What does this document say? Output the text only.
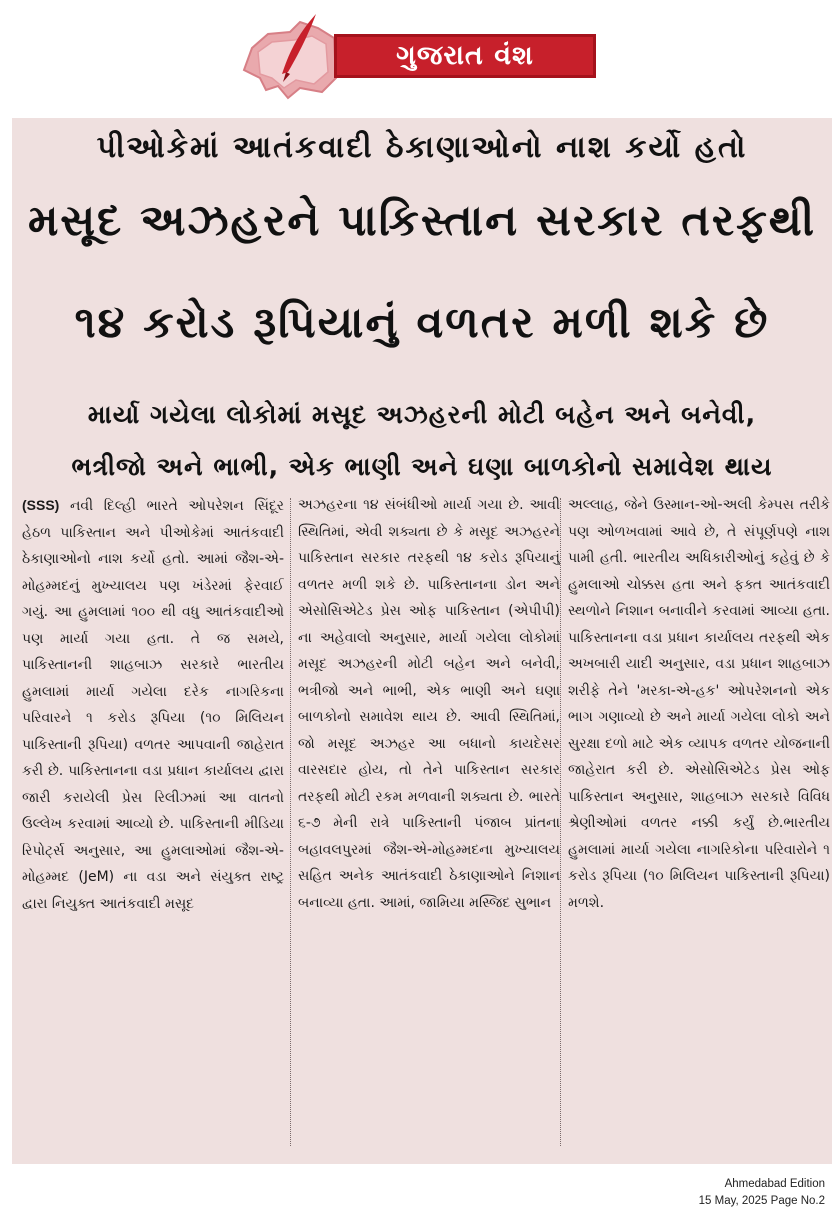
ગુજરાત વંશ
પીઓકેમાં આતંકવાદી ઠેકાણાઓનો નાશ કર્યો હતો
મસૂદ અઝહરને પાકિસ્તાન સરકાર તરફથી
૧૪ કરોડ રૂપિયાનું વળતર મળી શકે છે
માર્યા ગયેલા લોકોમાં મસૂદ અઝહરની મોટી બહેન અને બનેવી,
ભત્રીજો અને ભાભી, એક ભાણી અને ઘણા બાળકોનો સમાવેશ થાય

(SSS) નવી દિલ્હી ભારતે ઓપરેશન સિંદૂર હેઠળ પાકિસ્તાન અને પીઓકેમાં આતંકવાદી ઠેકાણાઓનો નાશ કર્યો હતો. આમાં જૈશ-એ-મોહમ્મદનું મુખ્યાલય પણ ખંડેરમાં ફેરવાઈ ગયું. આ હુમલામાં ૧૦૦ થી વધુ આતંકવાદીઓ પણ માર્યા ગયા હતા. તે જ સમયે, પાકિસ્તાનની શાહબાઝ સરકારે ભારતીય હુમલામાં માર્યા ગયેલા દરેક નાગરિકના પરિવારને ૧ કરોડ રૂપિયા (૧૦ મિલિયન પાકિસ્તાની રૂપિયા) વળતર આપવાની જાહેરાત કરી છે. પાકિસ્તાનના વડા પ્રધાન કાર્યાલય દ્વારા જારી કરાયેલી પ્રેસ રિલીઝમાં આ વાતનો ઉલ્લેખ કરવામાં આવ્યો છે. પાકિસ્તાની મીડિયા રિપોર્ટ્સ અનુસાર, આ હુમલાઓમાં જૈશ-એ-મોહમ્મદ (JeM) ના વડા અને સંયુક્ત રાષ્ટ્ર દ્વારા નિયુક્ત આતંકવાદી મસૂદ

અઝહરના ૧૪ સંબંધીઓ માર્યા ગયા છે. આવી સ્થિતિમાં, એવી શક્યતા છે કે મસૂદ અઝહરને પાકિસ્તાન સરકાર તરફથી ૧૪ કરોડ રૂપિયાનું વળતર મળી શકે છે. પાકિસ્તાનના ડોન અને એસોસિએટેડ પ્રેસ ઓફ પાકિસ્તાન (એપીપી) ના અહેવાલો અનુસાર, માર્યા ગયેલા લોકોમાં મસૂદ અઝહરની મોટી બહેન અને બનેવી, ભત્રીજો અને ભાભી, એક ભાણી અને ઘણા બાળકોનો સમાવેશ થાય છે. આવી સ્થિતિમાં, જો મસૂદ અઝહર આ બધાનો કાયદેસર વારસદાર હોય, તો તેને પાકિસ્તાન સરકાર તરફથી મોટી રકમ મળવાની શક્યતા છે. ભારતે ૬-૭ મેની રાત્રે પાકિસ્તાની પંજાબ પ્રાંતના બહાવલપુરમાં જૈશ-એ-મોહમ્મદના મુખ્યાલય સહિત અનેક આતંકવાદી ઠેકાણાઓને નિશાન બનાવ્યા હતા. આમાં, જામિયા મસ્જિદ સુભાન

અલ્લાહ, જેને ઉસ્માન-ઓ-અલી કેમ્પસ તરીકે પણ ઓળખવામાં આવે છે, તે સંપૂર્ણપણે નાશ પામી હતી. ભારતીય અધિકારીઓનું કહેવું છે કે હુમલાઓ ચોક્કસ હતા અને ફક્ત આતંકવાદી સ્થળોને નિશાન બનાવીને કરવામાં આવ્યા હતા. પાકિસ્તાનના વડા પ્રધાન કાર્યાલય તરફથી એક અખબારી યાદી અનુસાર, વડા પ્રધાન શાહબાઝ શરીફે તેને 'મરકા-એ-હક' ઓપરેશનનો એક ભાગ ગણાવ્યો છે અને માર્યા ગયેલા લોકો અને સુરક્ષા દળો માટે એક વ્યાપક વળતર યોજનાની જાહેરાત કરી છે. એસોસિએટેડ પ્રેસ ઓફ પાકિસ્તાન અનુસાર, શાહબાઝ સરકારે વિવિધ શ્રેણીઓમાં વળતર નક્કી કર્યું છે.ભારતીય હુમલામાં માર્યા ગયેલા નાગરિકોના પરિવારોને ૧ કરોડ રૂપિયા (૧૦ મિલિયન પાકિસ્તાની રૂપિયા) મળશે.

Ahmedabad Edition
15 May, 2025 Page No.2
